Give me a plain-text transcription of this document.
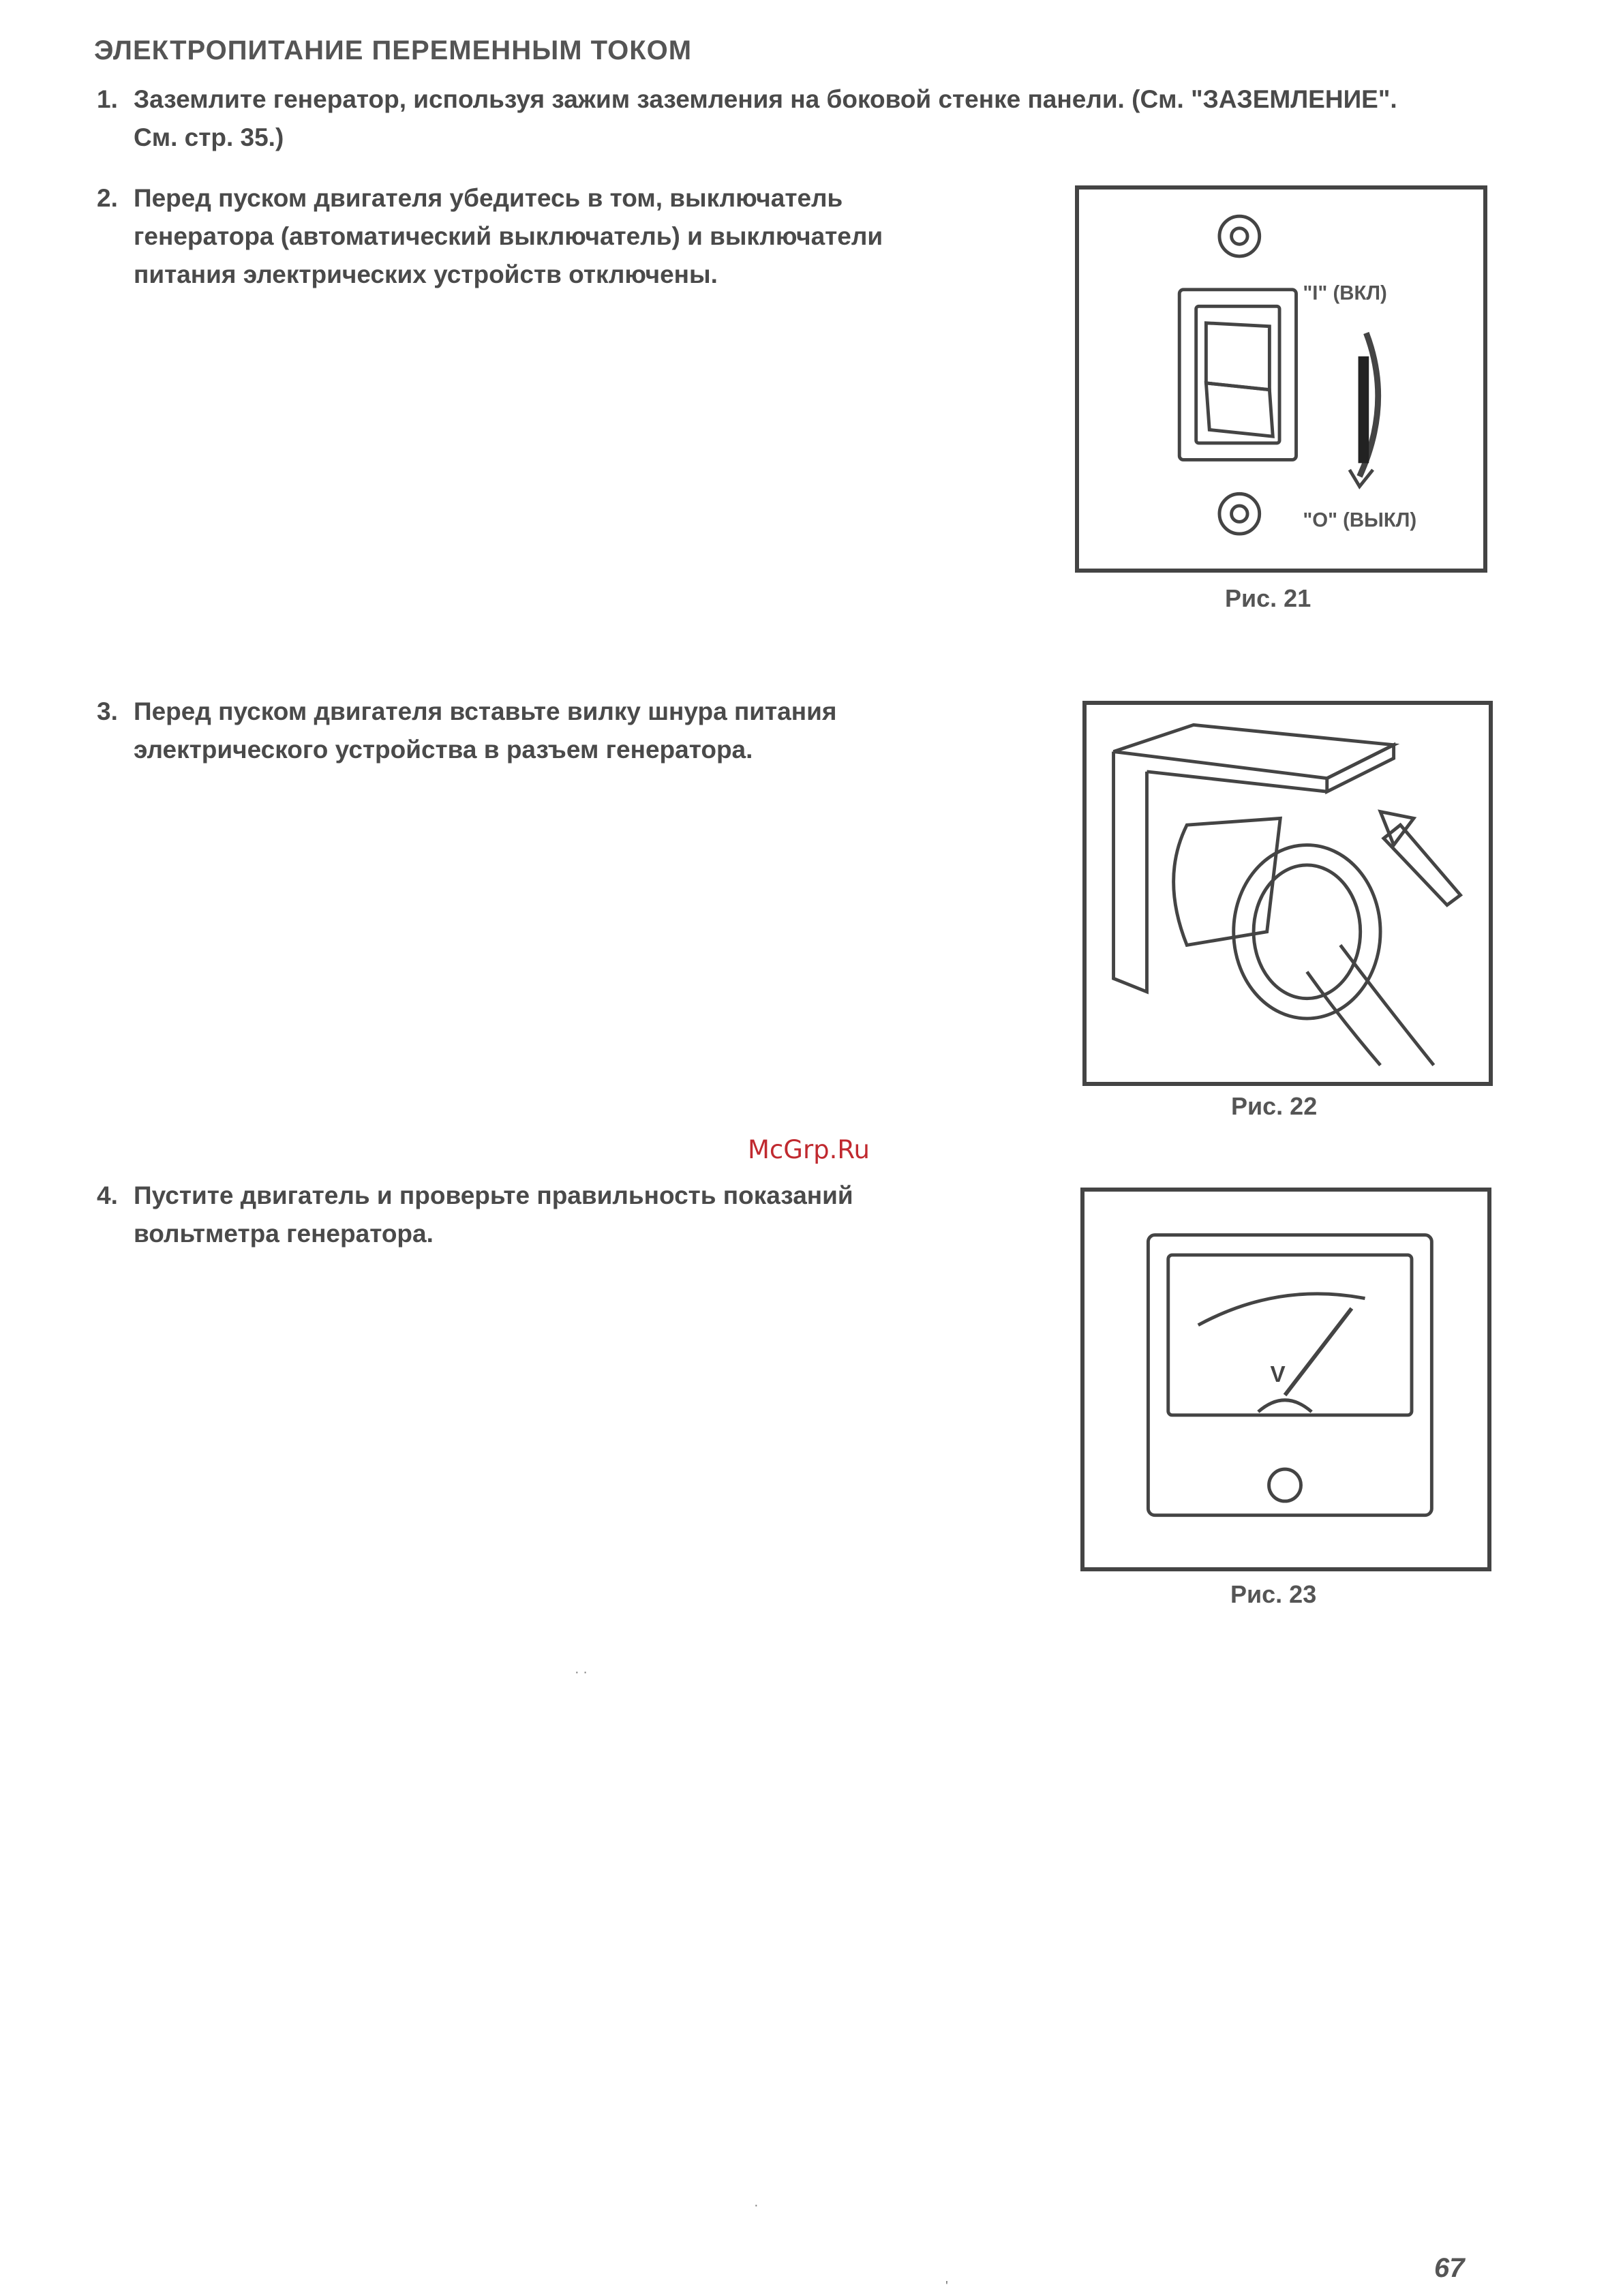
ЭЛЕКТРОПИТАНИЕ ПЕРЕМЕННЫМ ТОКОМ
1. Заземлите генератор, используя зажим заземления на боковой стенке панели. (См. "ЗАЗЕМЛЕНИЕ".
См. стр. 35.)
2. Перед пуском двигателя убедитесь в том, выключатель
генератора (автоматический выключатель) и выключатели
питания электрических устройств отключены.
3. Перед пуском двигателя вставьте вилку шнура питания
электрического устройства в разъем генератора.
4. Пустите двигатель и проверьте правильность показаний
вольтметра генератора.
"I" (ВКЛ)
"O" (ВЫКЛ)
Рис. 21
Рис. 22
McGrp.Ru
V
Рис. 23
67
· ·
·
'
